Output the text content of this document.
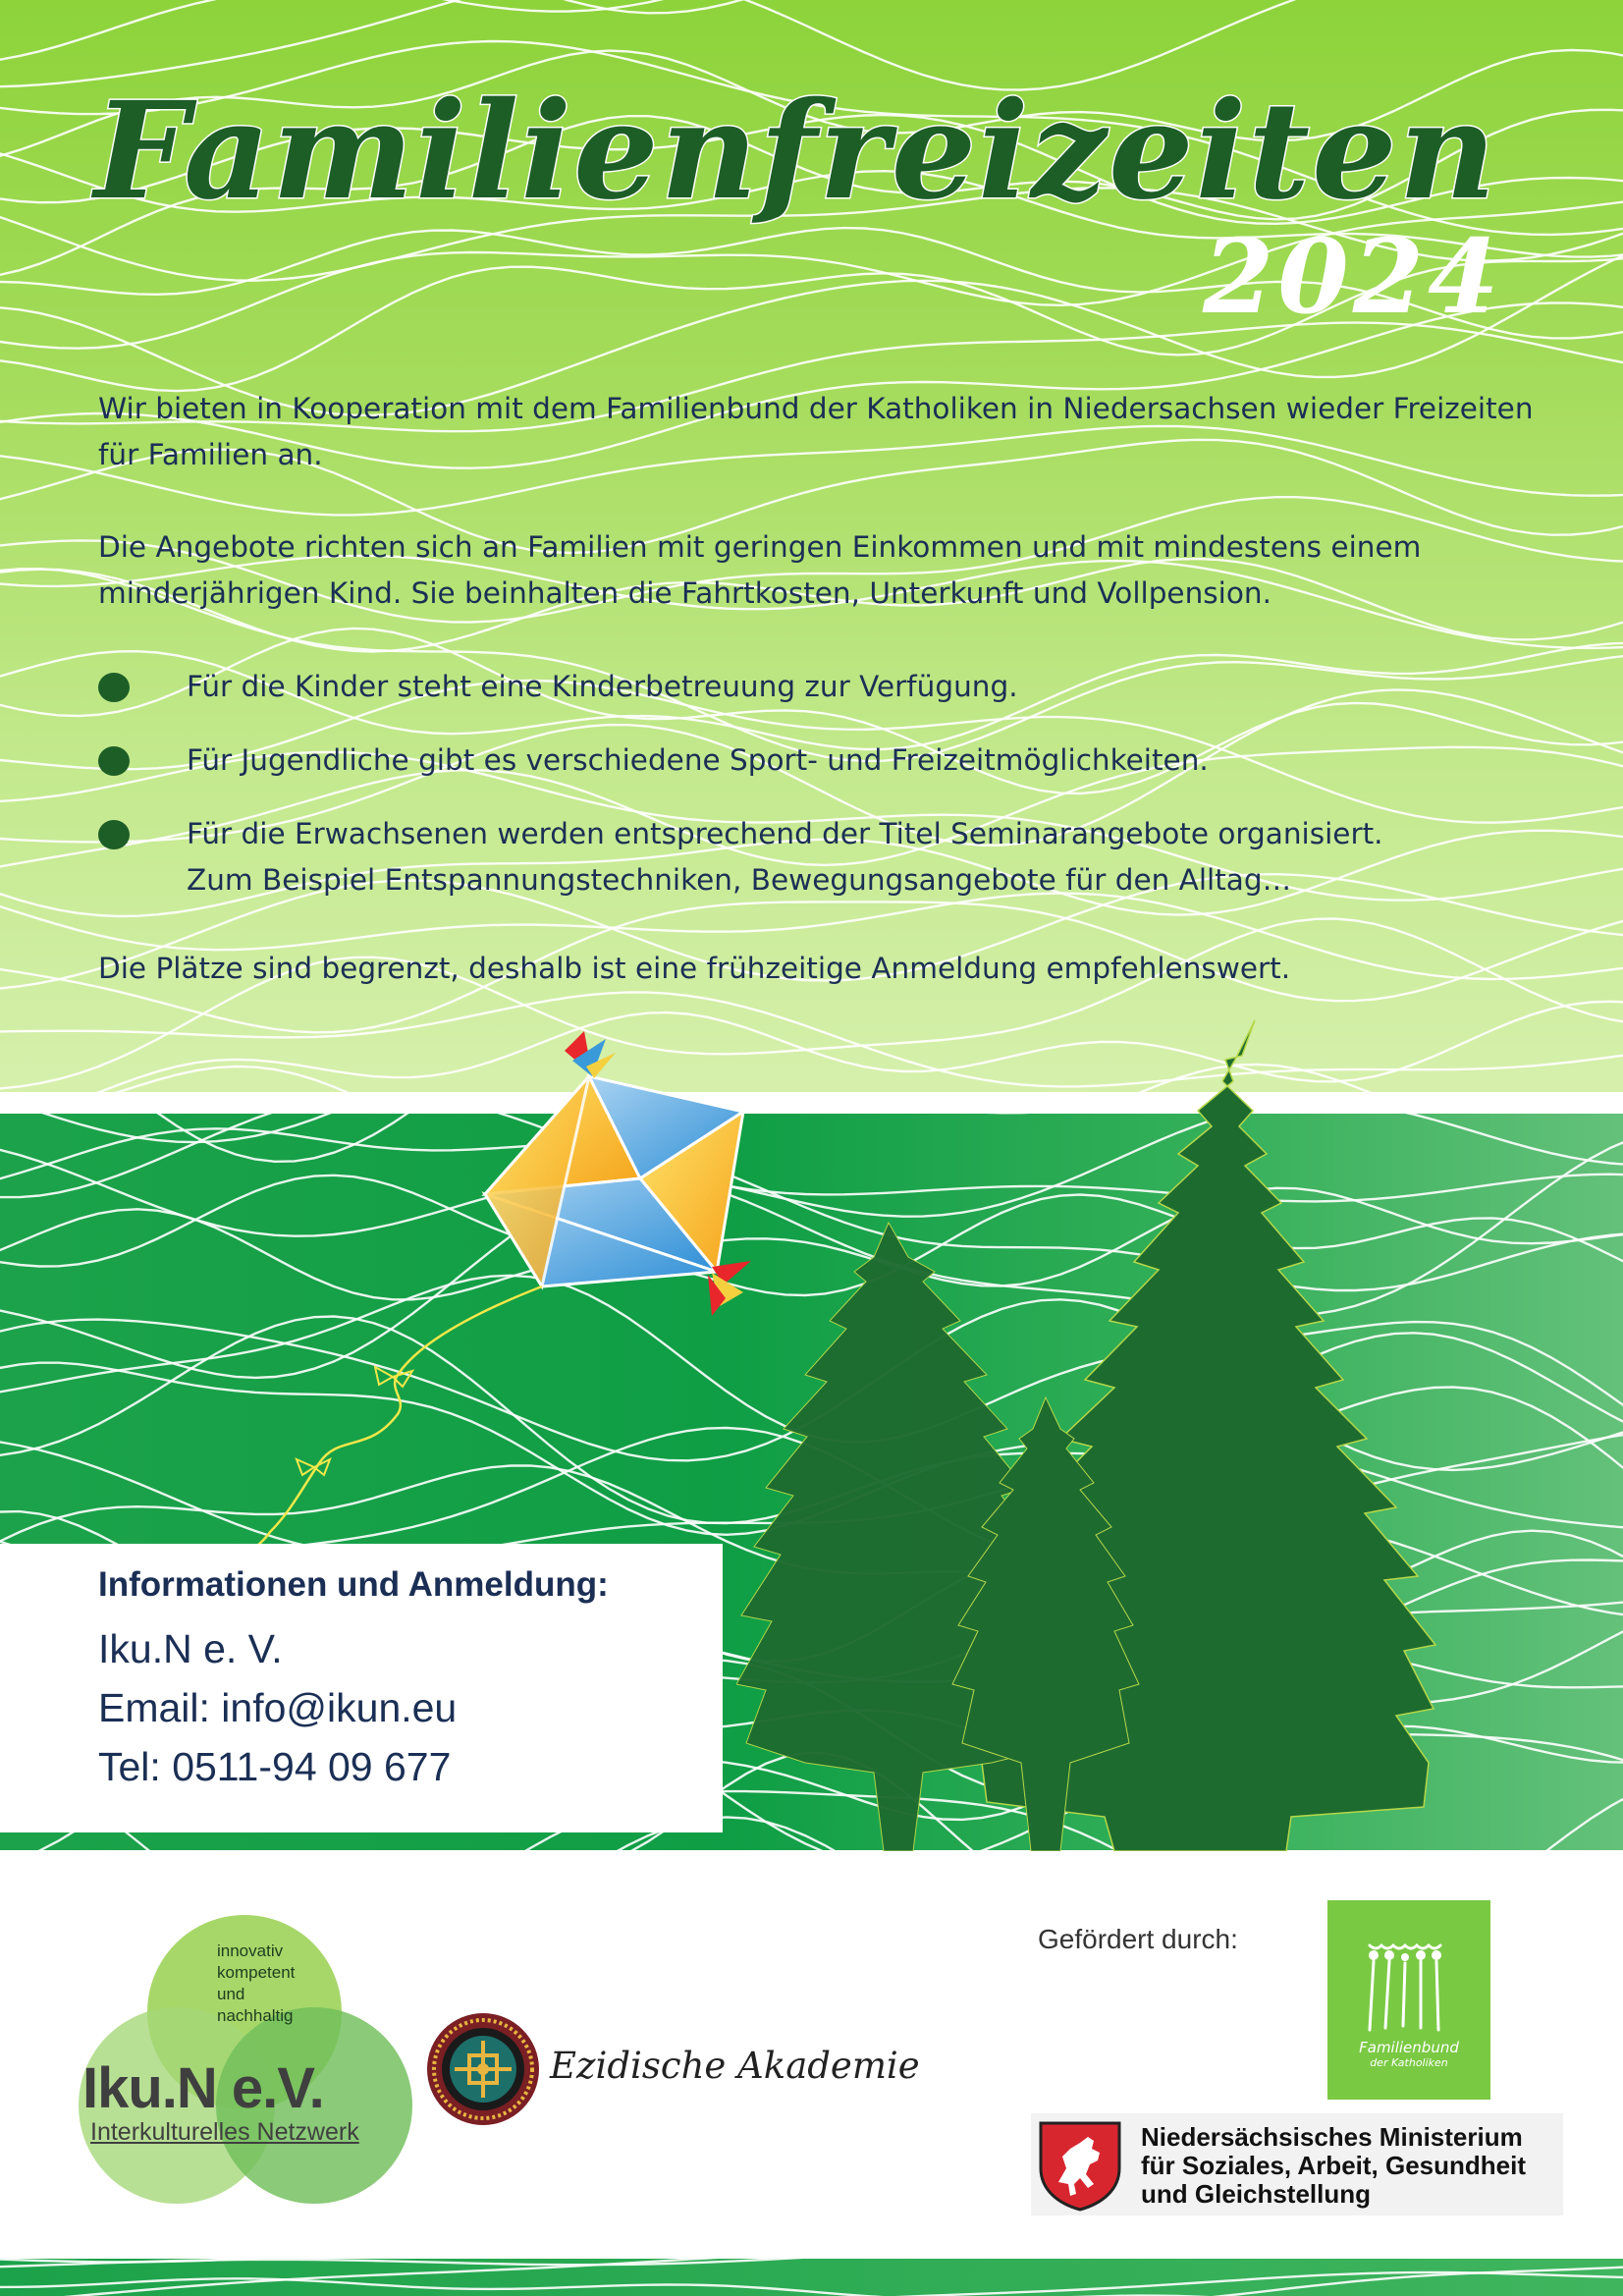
Familienfreizeiten
2024

Wir bieten in Kooperation mit dem Familienbund der Katholiken in Niedersachsen wieder Freizeiten für Familien an.

Die Angebote richten sich an Familien mit geringen Einkommen und mit mindestens einem minderjährigen Kind. Sie beinhalten die Fahrtkosten, Unterkunft und Vollpension.

Für die Kinder steht eine Kinderbetreuung zur Verfügung.
Für Jugendliche gibt es verschiedene Sport- und Freizeitmöglichkeiten.
Für die Erwachsenen werden entsprechend der Titel Seminarangebote organisiert.
Zum Beispiel Entspannungstechniken, Bewegungsangebote für den Alltag…

Die Plätze sind begrenzt, deshalb ist eine frühzeitige Anmeldung empfehlenswert.

Informationen und Anmeldung:
Iku.N e. V.
Email: info@ikun.eu
Tel: 0511-94 09 677
innovativ
kompetent
und
nachhaltig
Iku.N e.V.
Interkulturelles Netzwerk
Ezidische Akademie
Gefördert durch:
Familienbund
der Katholiken
Niedersächsisches Ministerium
für Soziales, Arbeit, Gesundheit
und Gleichstellung
